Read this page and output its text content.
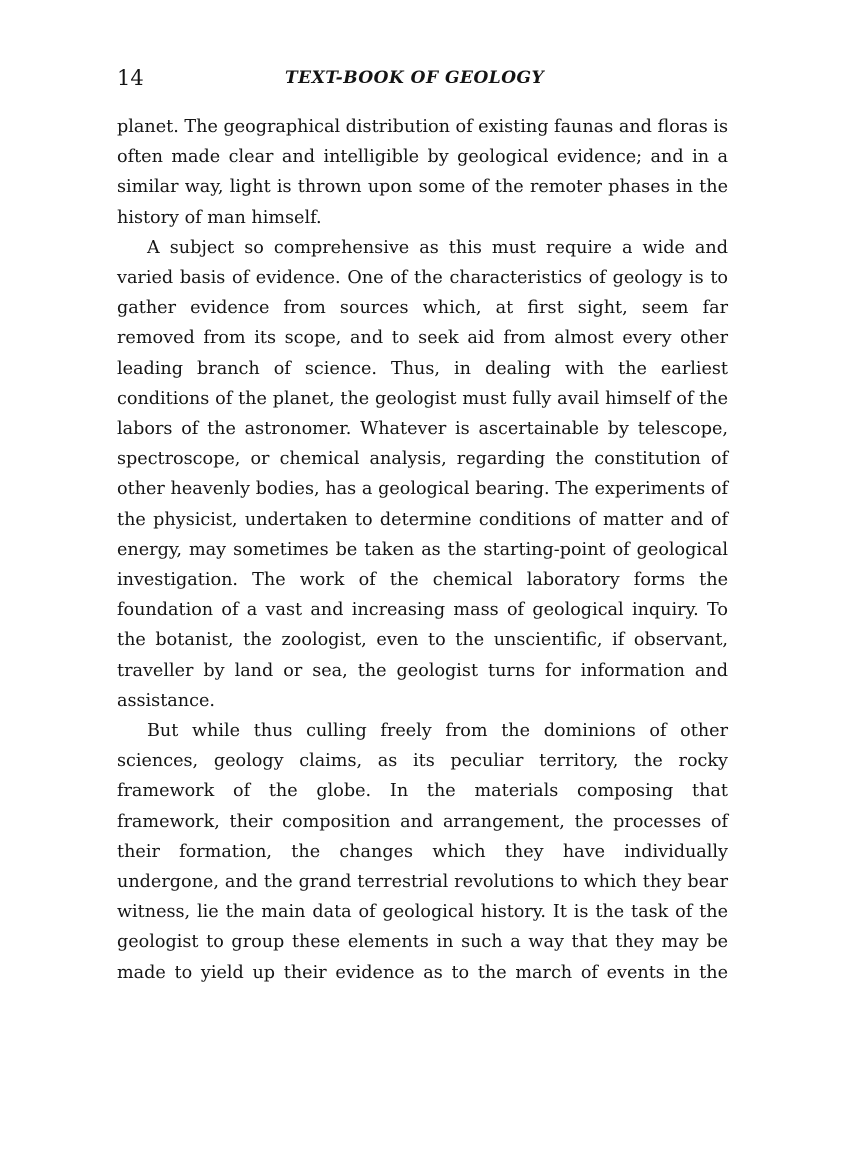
14	TEXT-BOOK OF GEOLOGY

planet. The geographical distribution of existing faunas and floras is often made clear and intelligible by geological evidence; and in a similar way, light is thrown upon some of the remoter phases in the history of man himself.

A subject so comprehensive as this must require a wide and varied basis of evidence. One of the characteristics of geology is to gather evidence from sources which, at first sight, seem far removed from its scope, and to seek aid from almost every other leading branch of science. Thus, in dealing with the earliest conditions of the planet, the geologist must fully avail himself of the labors of the astronomer. Whatever is ascertainable by telescope, spectroscope, or chemical analysis, regarding the constitution of other heavenly bodies, has a geological bearing. The experiments of the physicist, undertaken to determine conditions of matter and of energy, may sometimes be taken as the starting-point of geological investigation. The work of the chemical laboratory forms the foundation of a vast and increasing mass of geological inquiry. To the botanist, the zoologist, even to the unscientific, if observant, traveller by land or sea, the geologist turns for information and assistance.

But while thus culling freely from the dominions of other sciences, geology claims, as its peculiar territory, the rocky framework of the globe. In the materials composing that framework, their composition and arrangement, the processes of their formation, the changes which they have individually undergone, and the grand terrestrial revolutions to which they bear witness, lie the main data of geological history. It is the task of the geologist to group these elements in such a way that they may be made to yield up their evidence as to the march of events in the
